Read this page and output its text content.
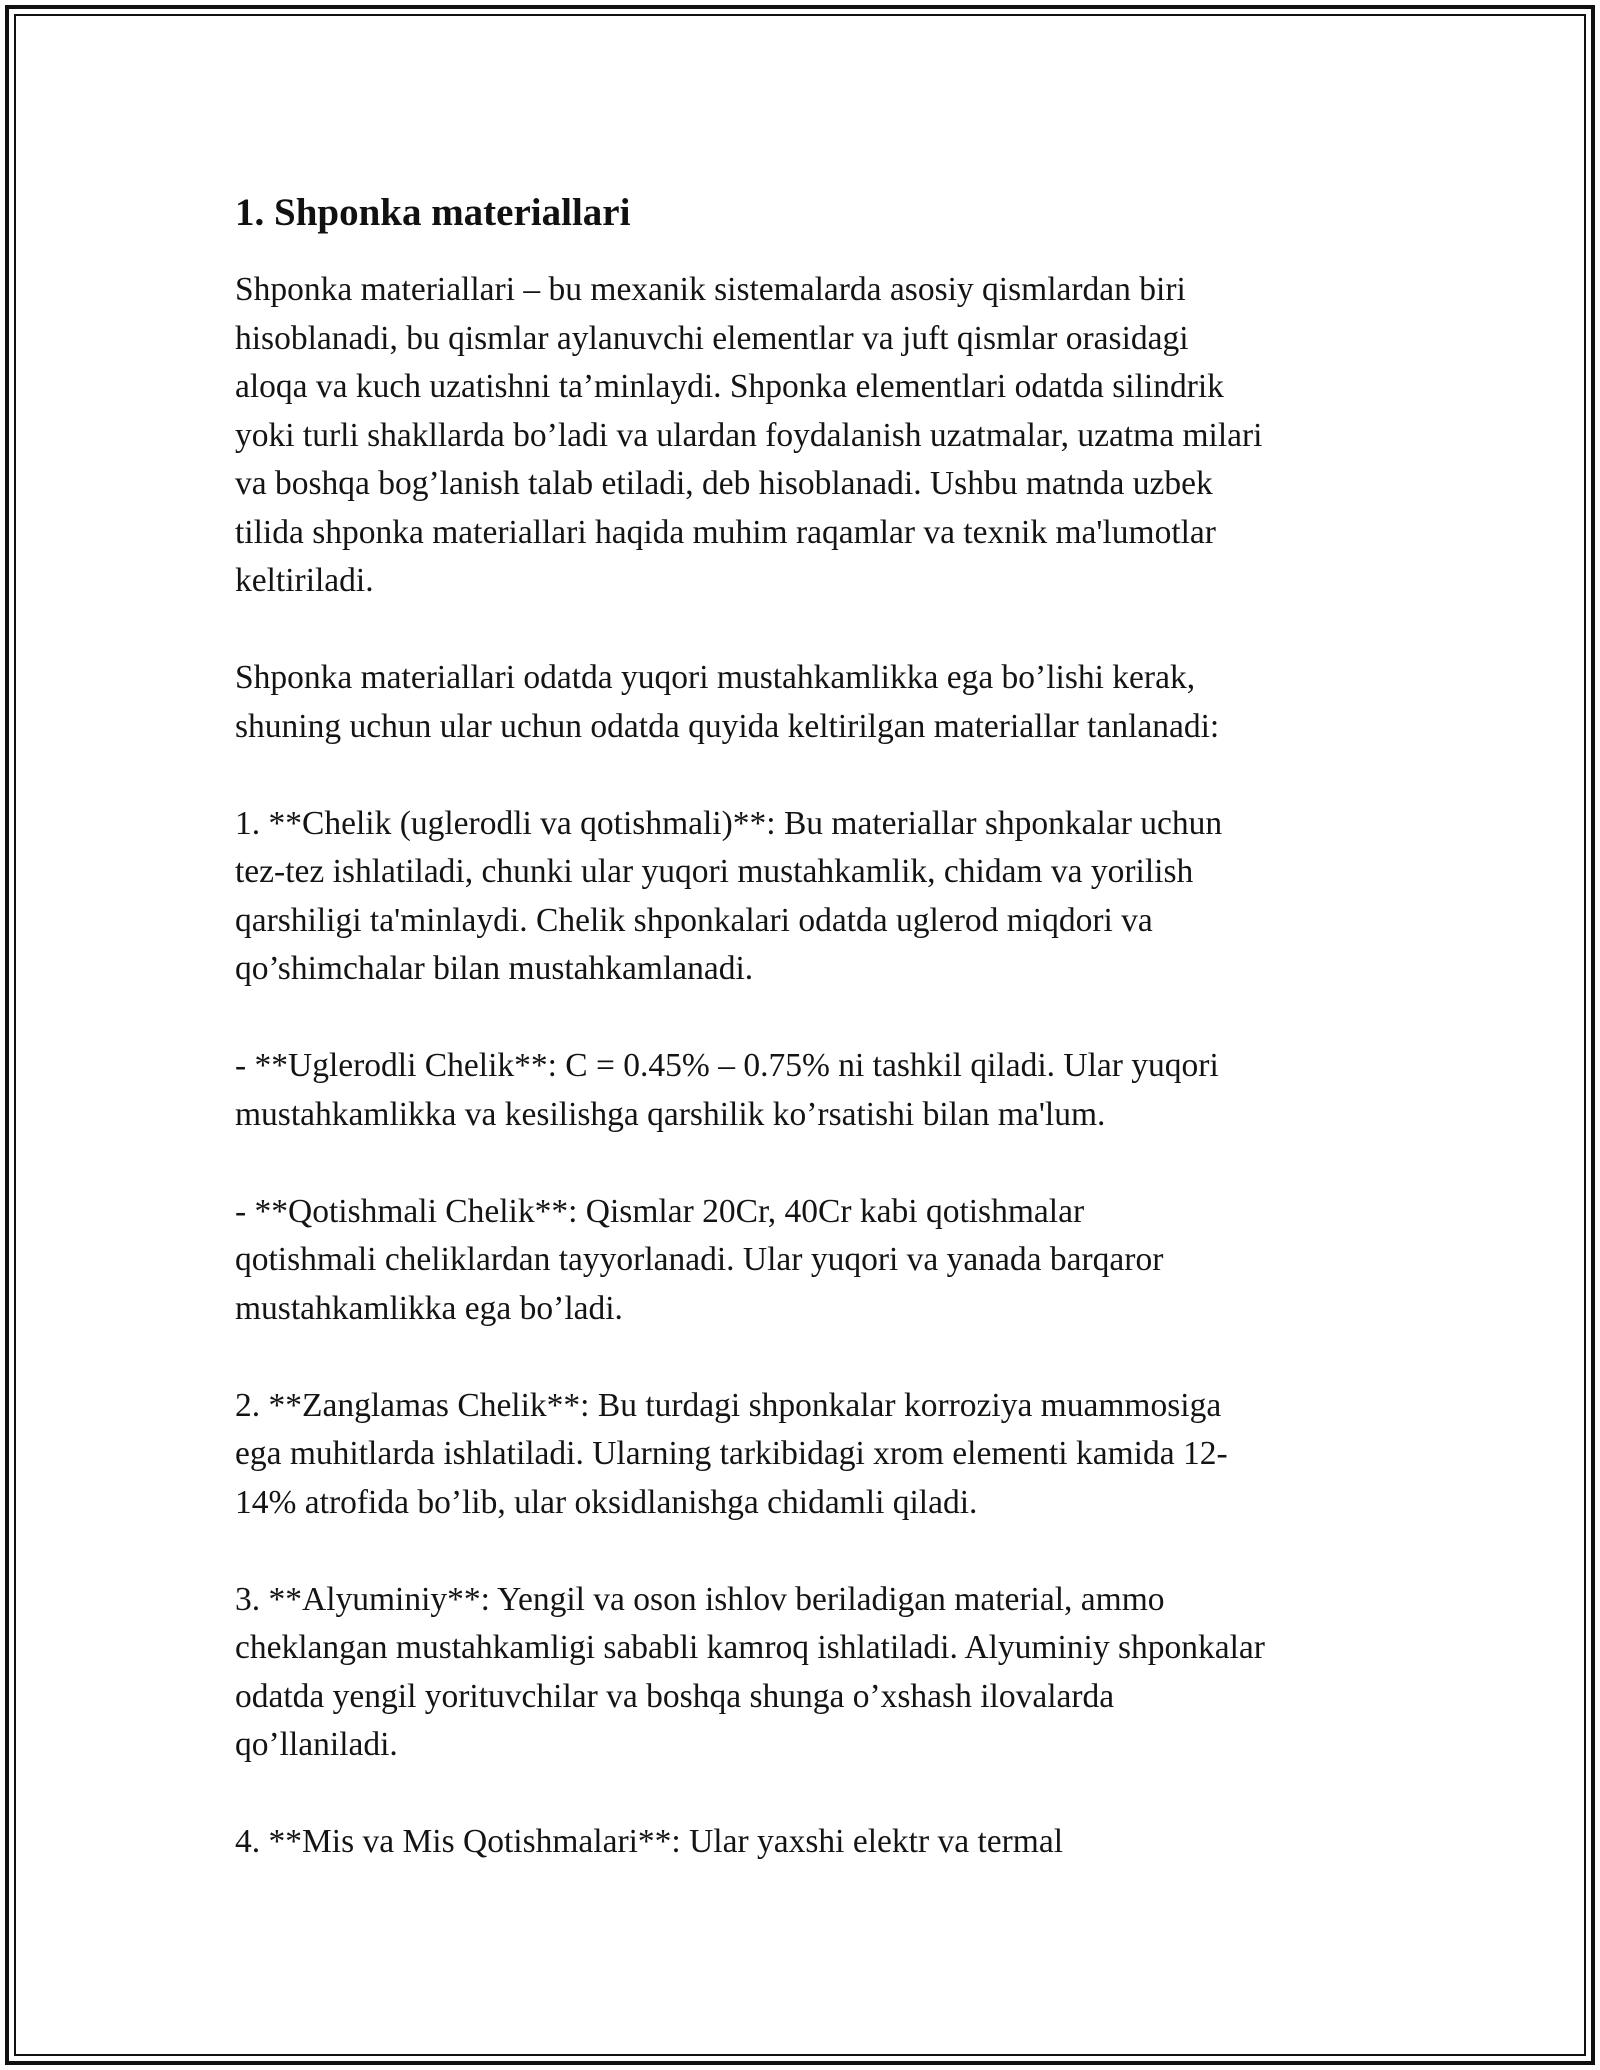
1. Shponka materiallari

Shponka materiallari – bu mexanik sistemalarda asosiy qismlardan biri
hisoblanadi, bu qismlar aylanuvchi elementlar va juft qismlar orasidagi
aloqa va kuch uzatishni ta’minlaydi. Shponka elementlari odatda silindrik
yoki turli shakllarda bo’ladi va ulardan foydalanish uzatmalar, uzatma milari
va boshqa bog’lanish talab etiladi, deb hisoblanadi. Ushbu matnda uzbek
tilida shponka materiallari haqida muhim raqamlar va texnik ma'lumotlar
keltiriladi.

Shponka materiallari odatda yuqori mustahkamlikka ega bo’lishi kerak,
shuning uchun ular uchun odatda quyida keltirilgan materiallar tanlanadi:

1. **Chelik (uglerodli va qotishmali)**: Bu materiallar shponkalar uchun
tez-tez ishlatiladi, chunki ular yuqori mustahkamlik, chidam va yorilish
qarshiligi ta'minlaydi. Chelik shponkalari odatda uglerod miqdori va
qo’shimchalar bilan mustahkamlanadi.

- **Uglerodli Chelik**: C = 0.45% – 0.75% ni tashkil qiladi. Ular yuqori
mustahkamlikka va kesilishga qarshilik ko’rsatishi bilan ma'lum.

- **Qotishmali Chelik**: Qismlar 20Cr, 40Cr kabi qotishmalar
qotishmali cheliklardan tayyorlanadi. Ular yuqori va yanada barqaror
mustahkamlikka ega bo’ladi.

2. **Zanglamas Chelik**: Bu turdagi shponkalar korroziya muammosiga
ega muhitlarda ishlatiladi. Ularning tarkibidagi xrom elementi kamida 12-
14% atrofida bo’lib, ular oksidlanishga chidamli qiladi.

3. **Alyuminiy**: Yengil va oson ishlov beriladigan material, ammo
cheklangan mustahkamligi sababli kamroq ishlatiladi. Alyuminiy shponkalar
odatda yengil yorituvchilar va boshqa shunga o’xshash ilovalarda
qo’llaniladi.

4. **Mis va Mis Qotishmalari**: Ular yaxshi elektr va termal
